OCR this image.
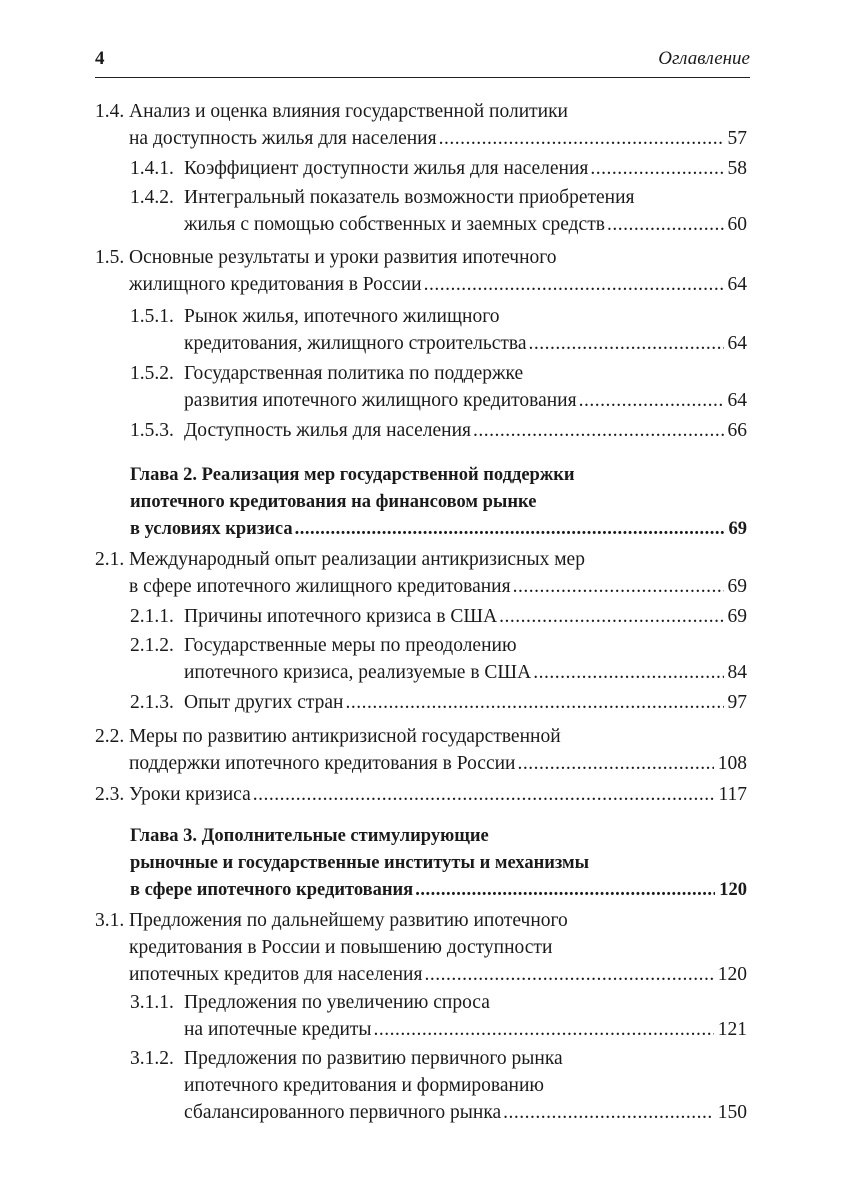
4	Оглавление
1.4. Анализ и оценка влияния государственной политики
на доступность жилья для населения .....	57
1.4.1. Коэффициент доступности жилья для населения .....	58
1.4.2. Интегральный показатель возможности приобретения
жилья с помощью собственных и заемных средств .....	60
1.5. Основные результаты и уроки развития ипотечного
жилищного кредитования в России .....	64
1.5.1. Рынок жилья, ипотечного жилищного
кредитования, жилищного строительства .....	64
1.5.2. Государственная политика по поддержке
развития ипотечного жилищного кредитования .....	64
1.5.3. Доступность жилья для населения .....	66
Глава 2. Реализация мер государственной поддержки
ипотечного кредитования на финансовом рынке
в условиях кризиса .....	69
2.1. Международный опыт реализации антикризисных мер
в сфере ипотечного жилищного кредитования .....	69
2.1.1. Причины ипотечного кризиса в США .....	69
2.1.2. Государственные меры по преодолению
ипотечного кризиса, реализуемые в США .....	84
2.1.3. Опыт других стран .....	97
2.2. Меры по развитию антикризисной государственной
поддержки ипотечного кредитования в России .....	108
2.3. Уроки кризиса .....	117
Глава 3. Дополнительные стимулирующие
рыночные и государственные институты и механизмы
в сфере ипотечного кредитования .....	120
3.1. Предложения по дальнейшему развитию ипотечного
кредитования в России и повышению доступности
ипотечных кредитов для населения .....	120
3.1.1. Предложения по увеличению спроса
на ипотечные кредиты .....	121
3.1.2. Предложения по развитию первичного рынка
ипотечного кредитования и формированию
сбалансированного первичного рынка .....	150
